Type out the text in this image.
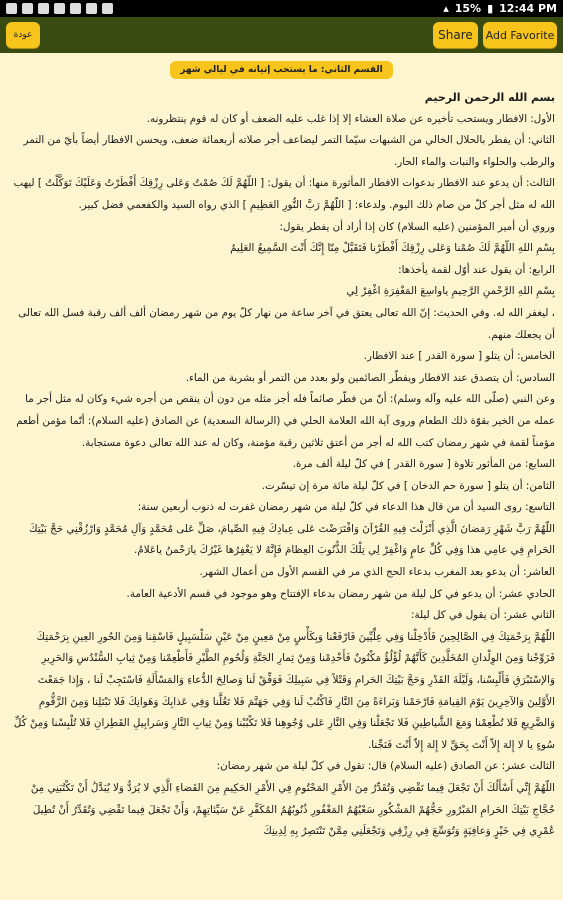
▴ 15% ▮ 12:44 PM
عودة	Share	Add Favorite
القسم الثاني: ما يستحب إتيانه في ليالي شهر

بسم الله الرحمن الرحيم

الأول: الافطار ويستحب تأخيره عن صلاة العشاء إلا إذا غلب عليه الضعف أو كان له قوم ينتظرونه.

الثاني: أن يفطر بالحلال الخالي من الشبهات سيّما التمر ليضاعف أجر صلاته أربعمائة ضعف، ويحسن الافطار أيضاً بأيّ من التمر والرطب والحلواء والنبات والماء الحار.

الثالث: أن يدعو عند الافطار بدعوات الافطار المأثورة منها: أن يقول: [ اللّهُمَّ لَكَ صُمْتُ وَعَلى رِزْقِكَ أَفْطَرْتُ وَعَلَيْكَ تَوَكَّلْتُ ] ليهب الله له مثل أجر كلّ من صام ذلك اليوم. ولدعاء: [ اللّهُمَّ رَبَّ النُّورِ العَظِيمِ ] الذي رواه السيد والكفعمي فضل كبير.

وروي أن أمير المؤمنين (عليه السلام) كان إذا أراد أن يفطر يقول:

بِسْمِ اللهِ اللّهُمَّ لَكَ صُمْنا وَعَلى رِزْقِكَ أَفْطَرْنا فَتَقَبَّلْ مِنّا إِنَّكَ أَنْتَ السَّمِيعُ العَلِيمُ

الرابع: أن يقول عند أوّل لقمة يأخذها:

بِسْمِ اللهِ الرَّحْمنِ الرَّحِيمِ ياواسِعَ المَغْفِرَةِ اغْفِرْ لِي

، ليغفر الله له. وفي الحديث: إنّ الله تعالى يعتق في آخر ساعة من نهار كلّ يوم من شهر رمضان ألف ألف رقبة فسل الله تعالى أن يجعلك منهم.

الخامس: أن يتلو [ سورة القدر ] عند الافطار.

السادس: أن يتصدق عند الافطار ويفطّر الصائمين ولو بعدد من التمر أو بشربة من الماء.

وعن النبي (صلّى الله عليه وآله وسلم): أنّ من فطّر صائماً فله أجر مثله من دون أن ينقص من أجره شيء وكان له مثل أجر ما عمله من الخير بقوّة ذلك الطعام وروى آية الله العلامة الحلي في (الرسالة السعدية) عن الصادق (عليه السلام): أنّما مؤمن أطعم مؤمناً لقمة في شهر رمضان كتب الله له أجر من أعتق ثلاثين رقبة مؤمنة، وكان له عند الله تعالى دعوة مستجابة.

السابع: من المأثور تلاوة [ سورة القدر ] في كلّ ليلة ألف مرة.

الثامن: أن يتلو [ سورة حم الدخان ] في كلّ ليلة مائة مرة إن تيسّرت.

التاسع: روى السيد أن من قال هذا الدعاء في كلّ ليلة من شهر رمضان غفرت له ذنوب أربعين سنة:

اللّهُمَّ رَبَّ شَهْرِ رَمَضانَ الَّذِي أَنْزَلْتَ فِيهِ القُرْآنَ وَافْتَرَضْتَ عَلى عِبادِكَ فِيهِ الصِّيامَ، صَلِّ عَلى مُحَمَّدٍ وَآلِ مُحَمَّدٍ وَارْزُقْنِي حَجَّ بَيْتِكَ الحَرامِ فِي عامِي هذا وَفِي كُلِّ عامٍ وَاغْفِرْ لِي تِلْكَ الذُّنُوبَ العِظامَ فَإِنَّهُ لا يَغْفِرُها غَيْرُكَ يارَحْمنُ ياعَلامُ.

العاشر: أن يدعو بعد المغرب بدعاء الحج الذي مر في القسم الأول من أعمال الشهر.

الحادي عشر: أن يدعو في كل ليلة من شهر رمضان بدعاء الإفتتاح وهو موجود في قسم الأدعية العامة.

الثاني عشر: أن يقول في كل ليلة:

اللّهُمَّ بِرَحْمَتِكَ فِي الصَّالِحِينَ فَأَدْخِلْنا وَفِي عِلِّيِّينَ فَارْفَعْنا وَبِكَأْسٍ مِنْ مَعِينٍ مِنْ عَيْنٍ سَلْسَبِيلٍ فَاسْقِنا وَمِنَ الحُورِ العِينِ بِرَحْمَتِكَ فَزَوِّجْنا وَمِنَ الوِلْدانِ المُخَلَّدِينَ كَأَنَّهُمْ لُؤْلُؤٌ مَكْنُونٌ فَأَخْدِمْنا وَمِنْ ثِمارِ الجَنَّةِ وَلُحُومِ الطَّيْرِ فَأَطْعِمْنا وَمِنْ ثِيابِ السُّنْدُسِ وَالحَرِيرِ وَالإسْتَبْرَقِ فَأَلْبِسْنا، وَلَيْلَةَ القَدْرِ وَحَجَّ بَيْتِكَ الحَرامِ وَقَتْلاً فِي سَبِيلِكَ فَوَفِّقْ لَنا وَصالِحَ الدُّعاءِ وَالمَسْأَلَةِ فَاسْتَجِبْ لَنا ، وَإِذا جَمَعْتَ الأَوَّلِينَ وَالآخِرِينَ يَوْمَ القِيامَةِ فَارْحَمْنا وَبَراءَةً مِنَ النَّارِ فَاكْتُبْ لَنا وَفِي جَهَنَّمَ فَلا تَغُلَّنا وَفِي عَذابِكَ وَهَوانِكَ فَلا تَبْتَلِنا وَمِنَ الزَّقُّومِ وَالضَّرِيعِ فَلا تُطْعِمْنا وَمَعَ الشَّياطِينِ فَلا تَجْعَلْنا وَفِي النَّارِ عَلى وُجُوهِنا فَلا تَكْبُبْنا وَمِنْ ثِيابِ النَّارِ وَسَرابِيلِ القَطِرانِ فَلا تُلْبِسْنا وَمِنْ كُلِّ سُوءٍ يا لا إِلهَ إِلاّ أَنْتَ بِحَقِّ لا إِلهَ إِلاّ أَنْتَ فَنَجِّنا.

الثالث عشر: عن الصادق (عليه السلام) قال: تقول في كلّ ليلة من شهر رمضان:

اللّهُمَّ إِنِّي أَسْأَلُكَ أَنْ تَجْعَلَ فِيما تَقْضِي وَتُقَدِّرُ مِنَ الأَمْرِ المَحْتُومِ فِي الأَمْرِ الحَكِيمِ مِنَ القَضاءِ الَّذِي لا يُرَدُّ وَلا يُبَدَّلُ أَنْ تَكْتُبَنِي مِنْ حُجَّاجِ بَيْتِكَ الحَرامِ المَبْرُورِ حَجُّهُمْ المَشْكُورِ سَعْيُهُمُ المَغْفُورِ ذُنُوبُهُمُ المُكَفَّرِ عَنْ سَيِّئاتِهِمْ، وَأَنْ تَجْعَلَ فِيما تَقْضِي وَتُقَدِّرُ أَنْ تُطِيلَ عُمْرِي فِي خَيْرٍ وَعافِيَةٍ وَتُوَسِّعَ فِي رِزْقِي وَتَجْعَلَنِي مِمَّنْ تَنْتَصِرُ بِهِ لِدِينِكَ
